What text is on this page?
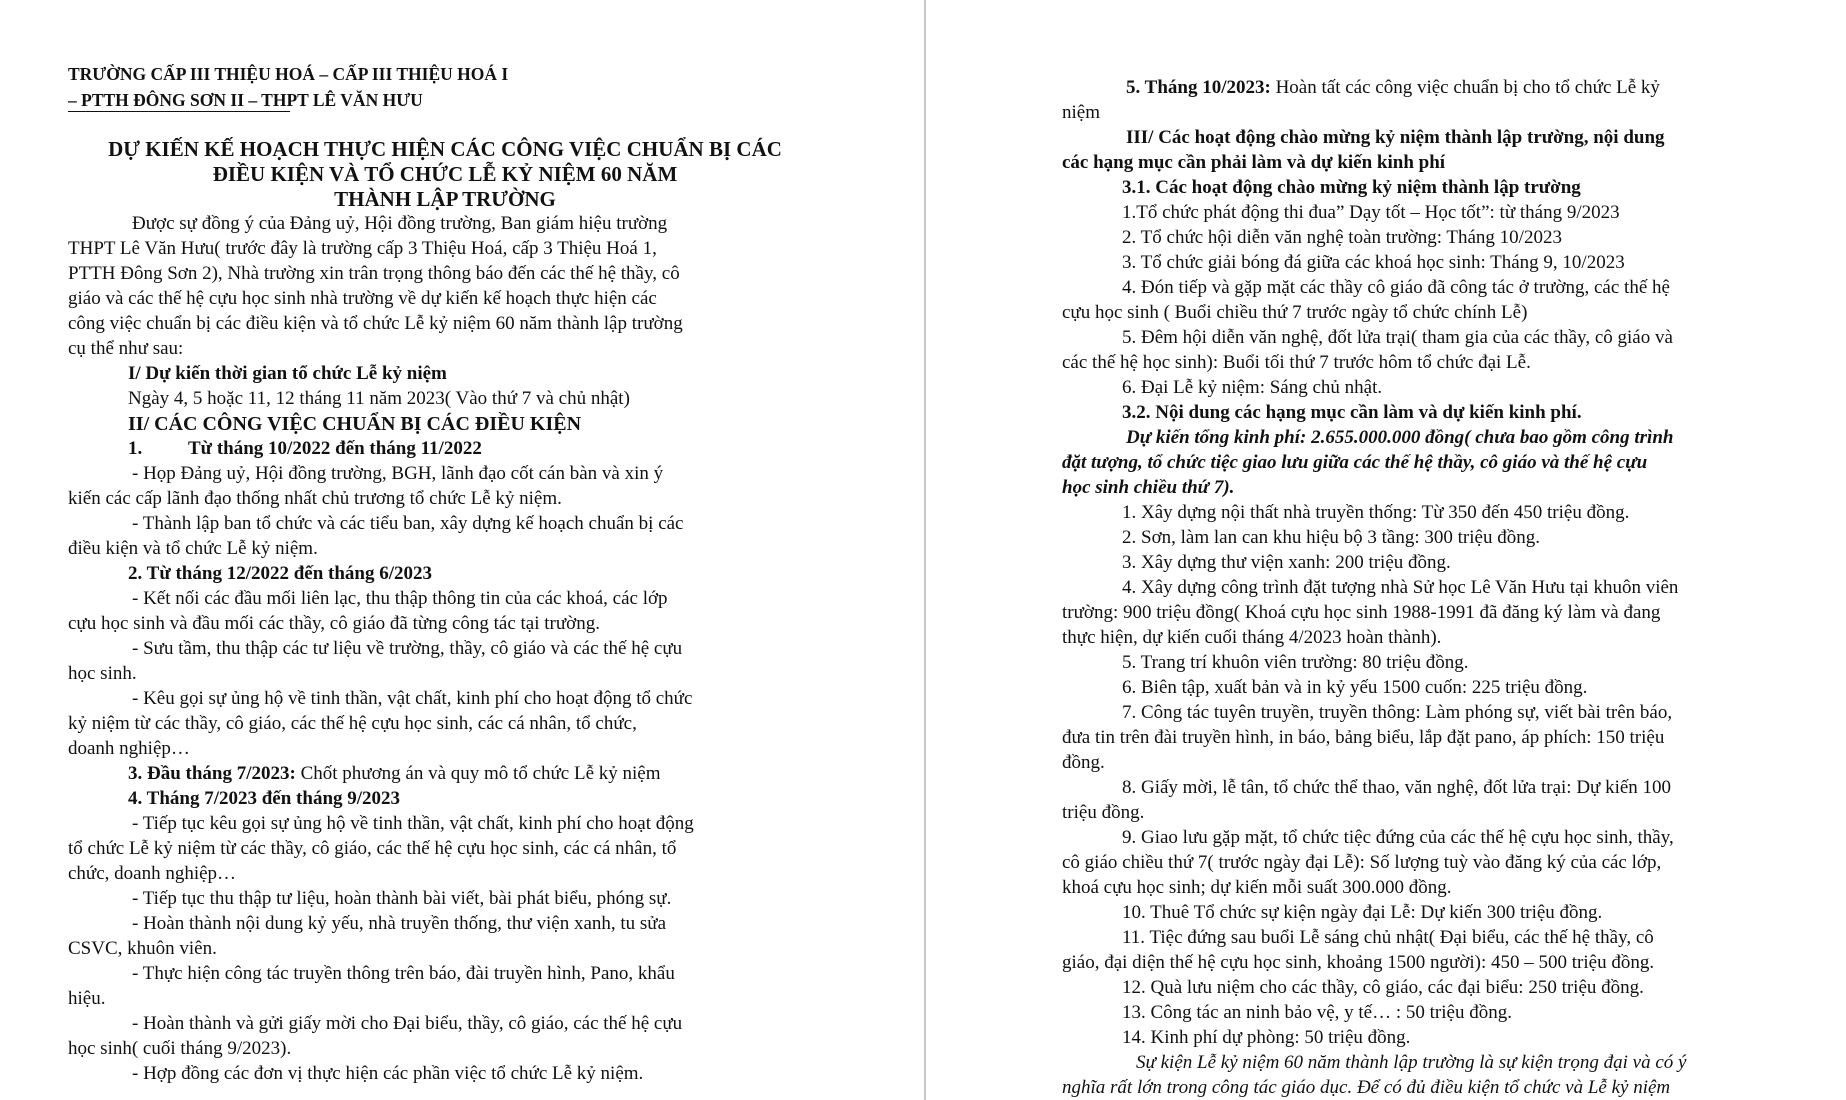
TRƯỜNG CẤP III THIỆU HOÁ – CẤP III THIỆU HOÁ I
– PTTH ĐÔNG SƠN II – THPT LÊ VĂN HƯU
DỰ KIẾN KẾ HOẠCH THỰC HIỆN CÁC CÔNG VIỆC CHUẨN BỊ CÁC
ĐIỀU KIỆN VÀ TỔ CHỨC LỄ KỶ NIỆM 60 NĂM
THÀNH LẬP TRƯỜNG
Được sự đồng ý của Đảng uỷ, Hội đồng trường, Ban giám hiệu trường
THPT Lê Văn Hưu( trước đây là trường cấp 3 Thiệu Hoá, cấp 3 Thiệu Hoá 1,
PTTH Đông Sơn 2), Nhà trường xin trân trọng thông báo đến các thế hệ thầy, cô
giáo và các thế hệ cựu học sinh nhà trường về dự kiến kế hoạch thực hiện các
công việc chuẩn bị các điều kiện và tổ chức Lễ kỷ niệm 60 năm thành lập trường
cụ thể như sau:
I/ Dự kiến thời gian tổ chức Lễ kỷ niệm
Ngày 4, 5 hoặc 11, 12 tháng 11 năm 2023( Vào thứ 7 và chủ nhật)
II/ CÁC CÔNG VIỆC CHUẨN BỊ CÁC ĐIỀU KIỆN
1. Từ tháng 10/2022 đến tháng 11/2022
- Họp Đảng uỷ, Hội đồng trường, BGH, lãnh đạo cốt cán bàn và xin ý
kiến các cấp lãnh đạo thống nhất chủ trương tổ chức Lễ kỷ niệm.
- Thành lập ban tổ chức và các tiểu ban, xây dựng kế hoạch chuẩn bị các
điều kiện và tổ chức Lễ kỷ niệm.
2. Từ tháng 12/2022 đến tháng 6/2023
- Kết nối các đầu mối liên lạc, thu thập thông tin của các khoá, các lớp
cựu học sinh và đầu mối các thầy, cô giáo đã từng công tác tại trường.
- Sưu tầm, thu thập các tư liệu về trường, thầy, cô giáo và các thế hệ cựu
học sinh.
- Kêu gọi sự ủng hộ về tinh thần, vật chất, kinh phí cho hoạt động tổ chức
kỷ niệm từ các thầy, cô giáo, các thế hệ cựu học sinh, các cá nhân, tổ chức,
doanh nghiệp…
3. Đầu tháng 7/2023: Chốt phương án và quy mô tổ chức Lễ kỷ niệm
4. Tháng 7/2023 đến tháng 9/2023
- Tiếp tục kêu gọi sự ủng hộ về tinh thần, vật chất, kinh phí cho hoạt động
tổ chức Lễ kỷ niệm từ các thầy, cô giáo, các thế hệ cựu học sinh, các cá nhân, tổ
chức, doanh nghiệp…
- Tiếp tục thu thập tư liệu, hoàn thành bài viết, bài phát biểu, phóng sự.
- Hoàn thành nội dung kỷ yếu, nhà truyền thống, thư viện xanh, tu sửa
CSVC, khuôn viên.
- Thực hiện công tác truyền thông trên báo, đài truyền hình, Pano, khẩu
hiệu.
- Hoàn thành và gửi giấy mời cho Đại biểu, thầy, cô giáo, các thế hệ cựu
học sinh( cuối tháng 9/2023).
- Hợp đồng các đơn vị thực hiện các phần việc tổ chức Lễ kỷ niệm.
5. Tháng 10/2023: Hoàn tất các công việc chuẩn bị cho tổ chức Lễ kỷ
niệm
III/ Các hoạt động chào mừng kỷ niệm thành lập trường, nội dung
các hạng mục cần phải làm và dự kiến kinh phí
3.1. Các hoạt động chào mừng kỷ niệm thành lập trường
1.Tổ chức phát động thi đua” Dạy tốt – Học tốt”: từ tháng 9/2023
2. Tổ chức hội diễn văn nghệ toàn trường: Tháng 10/2023
3. Tổ chức giải bóng đá giữa các khoá học sinh: Tháng 9, 10/2023
4. Đón tiếp và gặp mặt các thầy cô giáo đã công tác ở trường, các thế hệ
cựu học sinh ( Buổi chiều thứ 7 trước ngày tổ chức chính Lễ)
5. Đêm hội diễn văn nghệ, đốt lửa trại( tham gia của các thầy, cô giáo và
các thế hệ học sinh): Buổi tối thứ 7 trước hôm tổ chức đại Lễ.
6. Đại Lễ kỷ niệm: Sáng chủ nhật.
3.2. Nội dung các hạng mục cần làm và dự kiến kinh phí.
Dự kiến tổng kinh phí: 2.655.000.000 đồng( chưa bao gồm công trình
đặt tượng, tổ chức tiệc giao lưu giữa các thế hệ thầy, cô giáo và thế hệ cựu
học sinh chiều thứ 7).
1. Xây dựng nội thất nhà truyền thống: Từ 350 đến 450 triệu đồng.
2. Sơn, làm lan can khu hiệu bộ 3 tầng: 300 triệu đồng.
3. Xây dựng thư viện xanh: 200 triệu đồng.
4. Xây dựng công trình đặt tượng nhà Sử học Lê Văn Hưu tại khuôn viên
trường: 900 triệu đồng( Khoá cựu học sinh 1988-1991 đã đăng ký làm và đang
thực hiện, dự kiến cuối tháng 4/2023 hoàn thành).
5. Trang trí khuôn viên trường: 80 triệu đồng.
6. Biên tập, xuất bản và in kỷ yếu 1500 cuốn: 225 triệu đồng.
7. Công tác tuyên truyền, truyền thông: Làm phóng sự, viết bài trên báo,
đưa tin trên đài truyền hình, in báo, bảng biểu, lắp đặt pano, áp phích: 150 triệu
đồng.
8. Giấy mời, lễ tân, tổ chức thể thao, văn nghệ, đốt lửa trại: Dự kiến 100
triệu đồng.
9. Giao lưu gặp mặt, tổ chức tiệc đứng của các thế hệ cựu học sinh, thầy,
cô giáo chiều thứ 7( trước ngày đại Lễ): Số lượng tuỳ vào đăng ký của các lớp,
khoá cựu học sinh; dự kiến mỗi suất 300.000 đồng.
10. Thuê Tổ chức sự kiện ngày đại Lễ: Dự kiến 300 triệu đồng.
11. Tiệc đứng sau buổi Lễ sáng chủ nhật( Đại biểu, các thế hệ thầy, cô
giáo, đại diện thế hệ cựu học sinh, khoảng 1500 người): 450 – 500 triệu đồng.
12. Quà lưu niệm cho các thầy, cô giáo, các đại biểu: 250 triệu đồng.
13. Công tác an ninh bảo vệ, y tế… : 50 triệu đồng.
14. Kinh phí dự phòng: 50 triệu đồng.
Sự kiện Lễ kỷ niệm 60 năm thành lập trường là sự kiện trọng đại và có ý
nghĩa rất lớn trong công tác giáo dục. Để có đủ điều kiện tổ chức và Lễ kỷ niệm
